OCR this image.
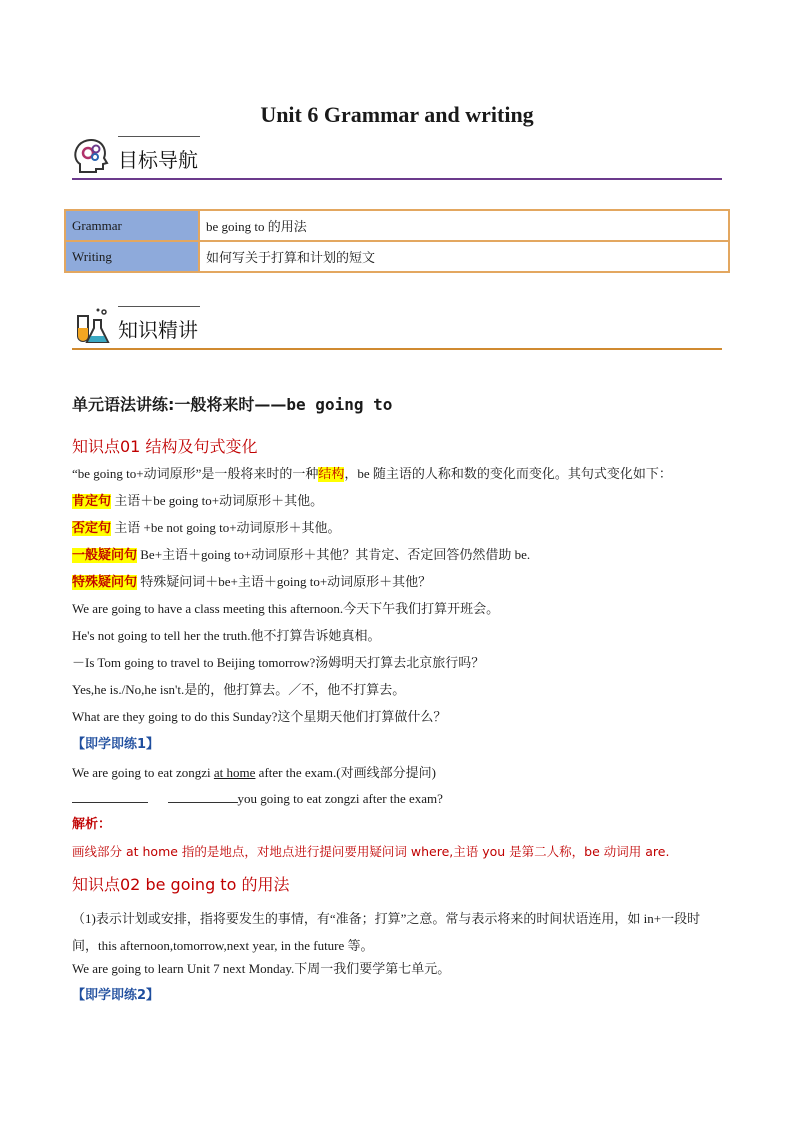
Unit 6 Grammar and writing
目标导航
Grammar	be going to 的用法
Writing	如何写关于打算和计划的短文
知识精讲
单元语法讲练:一般将来时——be going to
知识点01 结构及句式变化
“be going to+动词原形”是一般将来时的一种结构，be 随主语的人称和数的变化而变化。其句式变化如下：
肯定句 主语＋be going to+动词原形＋其他。
否定句 主语 +be not going to+动词原形＋其他。
一般疑问句 Be+主语＋going to+动词原形＋其他？其肯定、否定回答仍然借助 be.
特殊疑问句 特殊疑问词＋be+主语＋going to+动词原形＋其他？
We are going to have a class meeting this afternoon.今天下午我们打算开班会。
He's not going to tell her the truth.他不打算告诉她真相。
－Is Tom going to travel to Beijing tomorrow?汤姆明天打算去北京旅行吗？
Yes,he is./No,he isn't.是的，他打算去。／不，他不打算去。
What are they going to do this Sunday?这个星期天他们打算做什么？
【即学即练1】
We are going to eat zongzi at home after the exam.(对画线部分提问)
you going to eat zongzi after the exam?
解析：
画线部分 at home 指的是地点，对地点进行提问要用疑问词 where,主语 you 是第二人称，be 动词用 are.
知识点02 be going to 的用法
（1)表示计划或安排，指将要发生的事情，有“准备；打算”之意。常与表示将来的时间状语连用，如 in+一段时间，this afternoon,tomorrow,next year, in the future 等。
We are going to learn Unit 7 next Monday.下周一我们要学第七单元。
【即学即练2】
